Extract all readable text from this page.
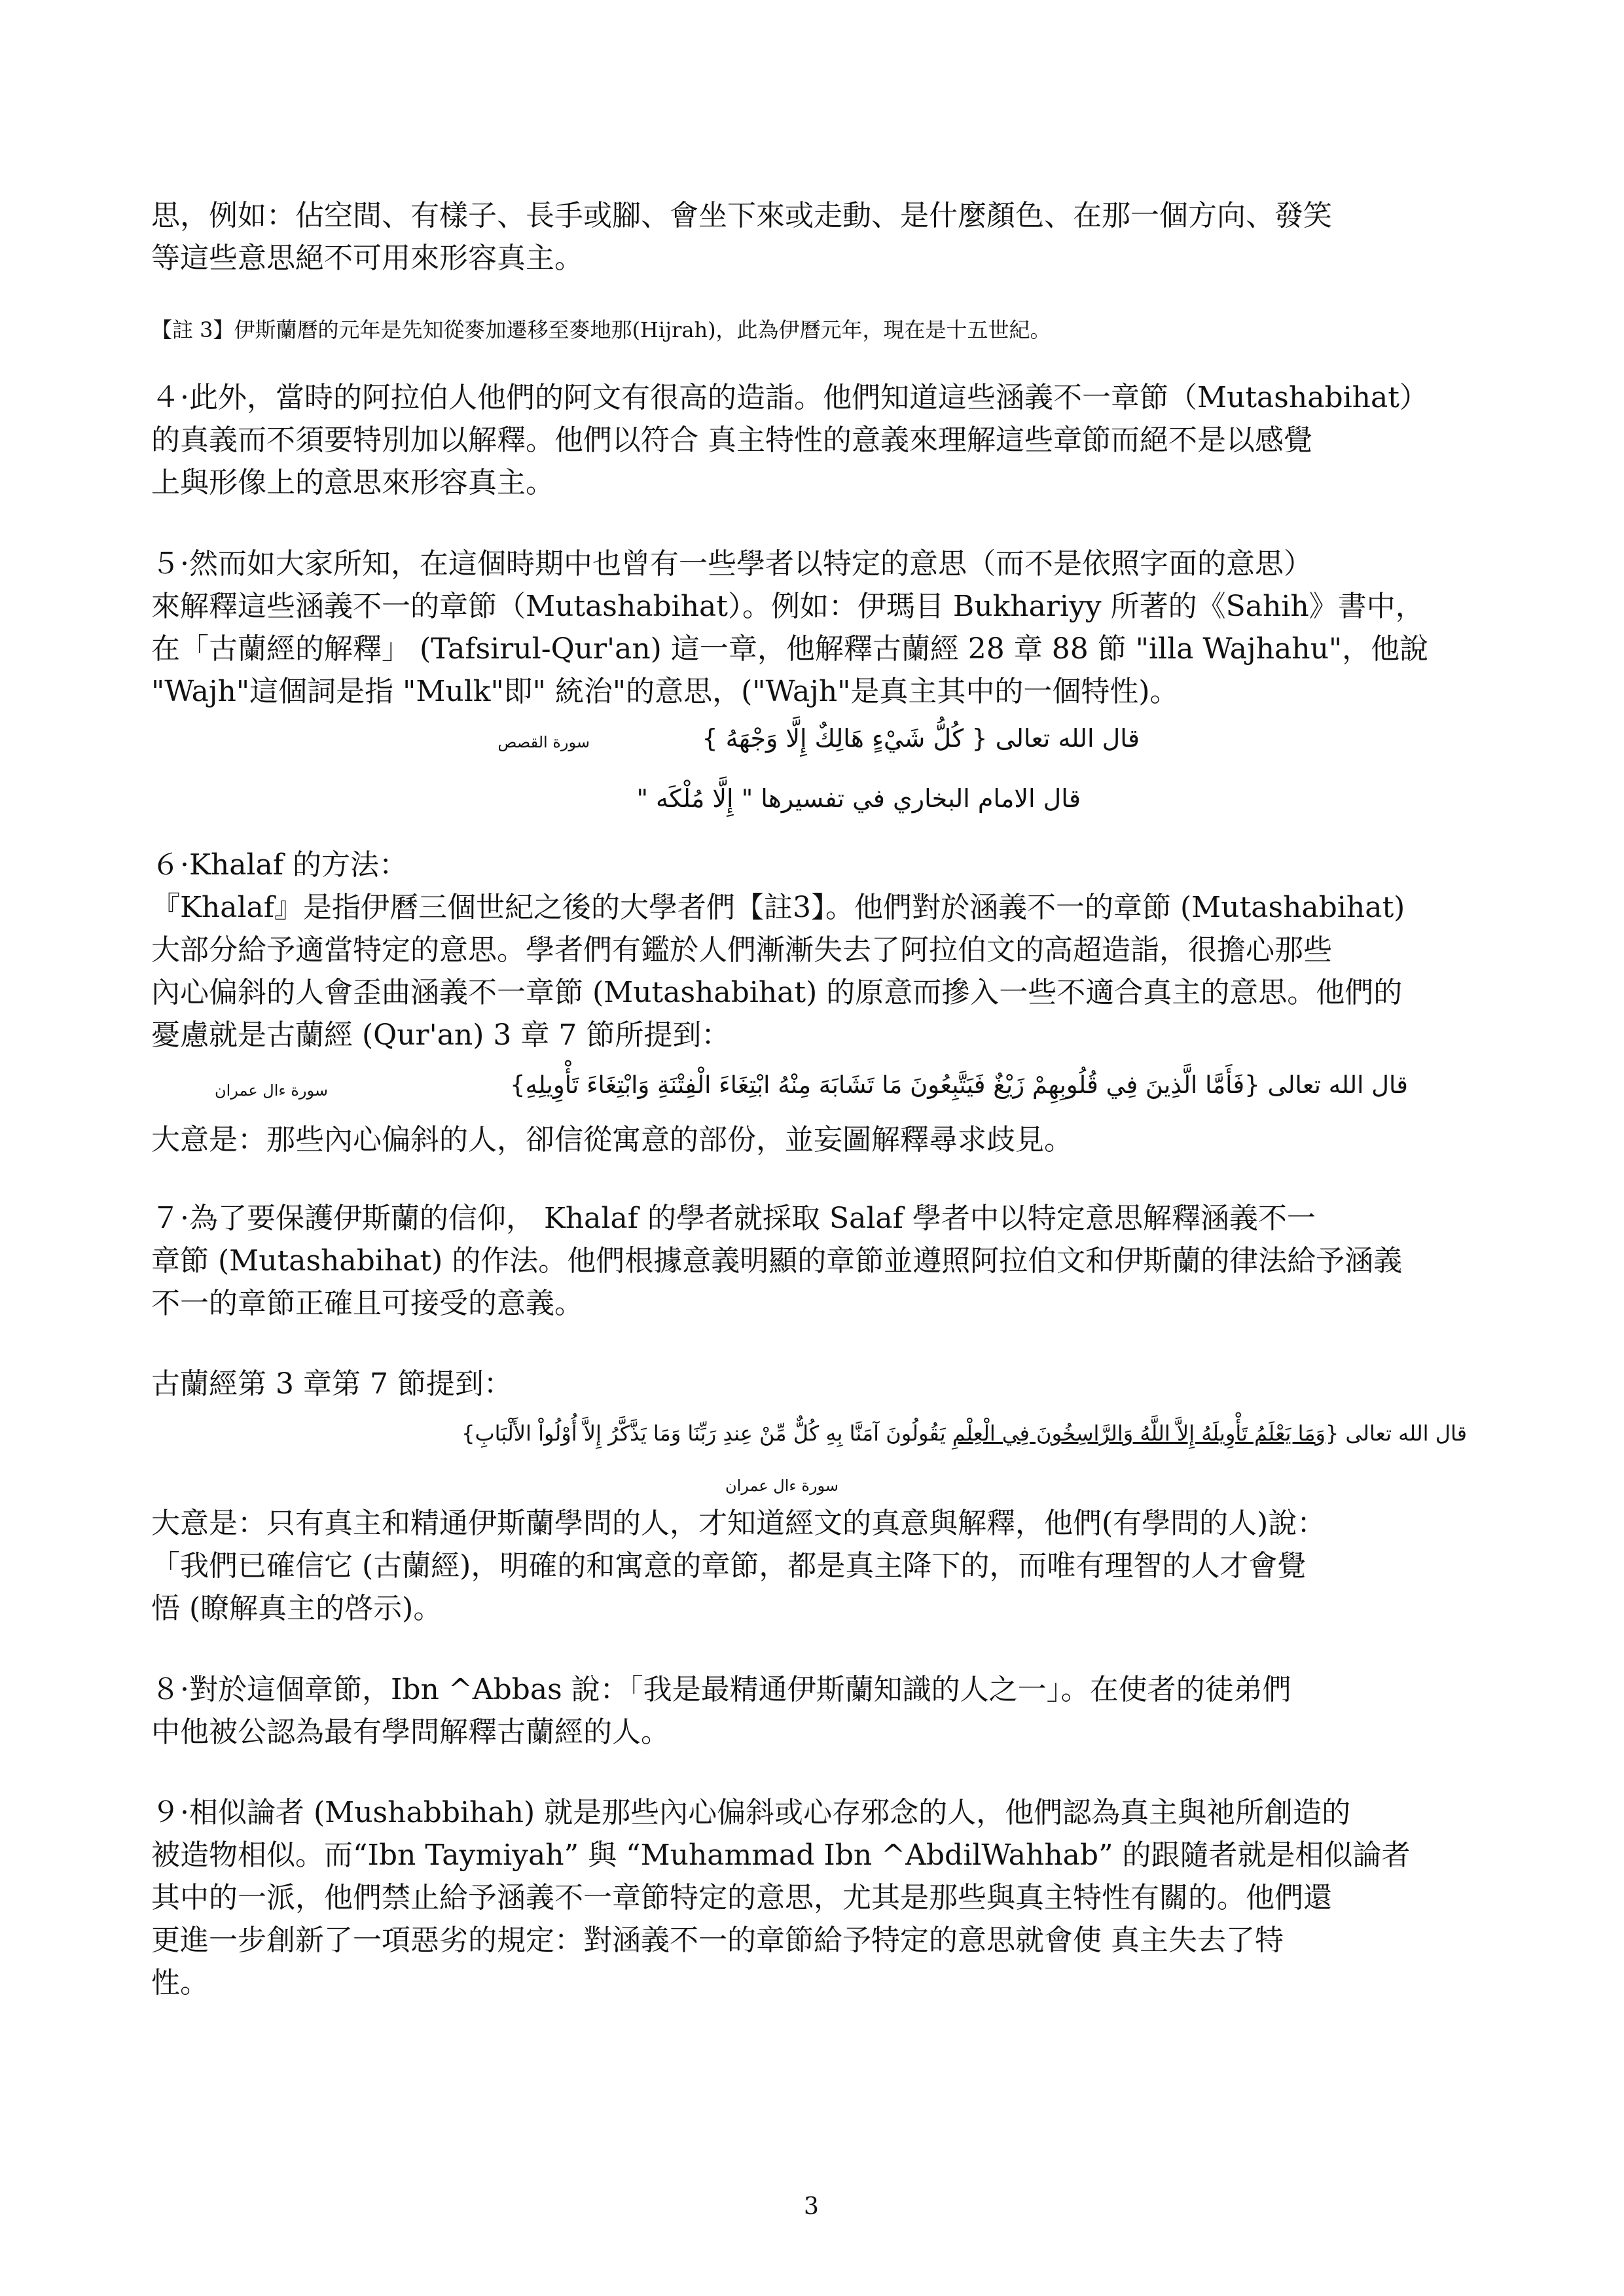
思，例如：佔空間、有樣子、長手或腳、會坐下來或走動、是什麼顏色、在那一個方向、發笑
等這些意思絕不可用來形容真主。
【註 3】伊斯蘭曆的元年是先知從麥加遷移至麥地那(Hijrah)，此為伊曆元年，現在是十五世紀。
４·此外，當時的阿拉伯人他們的阿文有很高的造詣。他們知道這些涵義不一章節（Mutashabihat）
的真義而不須要特別加以解釋。他們以符合 真主特性的意義來理解這些章節而絕不是以感覺
上與形像上的意思來形容真主。
５·然而如大家所知，在這個時期中也曾有一些學者以特定的意思（而不是依照字面的意思）
來解釋這些涵義不一的章節（Mutashabihat）。例如：伊瑪目 Bukhariyy 所著的《Sahih》書中，
在「古蘭經的解釋」 (Tafsirul-Qur'an) 這一章，他解釋古蘭經 28 章 88 節 "illa Wajhahu"，他說
"Wajh"這個詞是指 "Mulk"即" 統治"的意思，("Wajh"是真主其中的一個特性)。
قال الله تعالى { كُلُّ شَيْءٍ هَالِكٌ إِلَّا وَجْهَهُ }
سورة القصص
قال الامام البخاري في تفسيرها " إِلَّا مُلْكَه "
６·Khalaf 的方法：
『Khalaf』是指伊曆三個世紀之後的大學者們【註3】。他們對於涵義不一的章節 (Mutashabihat)
大部分給予適當特定的意思。學者們有鑑於人們漸漸失去了阿拉伯文的高超造詣，很擔心那些
內心偏斜的人會歪曲涵義不一章節 (Mutashabihat) 的原意而摻入一些不適合真主的意思。他們的
憂慮就是古蘭經 (Qur'an) 3 章 7 節所提到：
قال الله تعالى {فَأَمَّا الَّذِينَ فِي قُلُوبِهِمْ زَيْغٌ فَيَتَّبِعُونَ مَا تَشَابَهَ مِنْهُ ابْتِغَاءَ الْفِتْنَةِ وَابْتِغَاءَ تَأْوِيلِهِ}
سورة ءال عمران
大意是：那些內心偏斜的人，卻信從寓意的部份，並妄圖解釋尋求歧見。
７·為了要保護伊斯蘭的信仰， Khalaf 的學者就採取 Salaf 學者中以特定意思解釋涵義不一
章節 (Mutashabihat) 的作法。他們根據意義明顯的章節並遵照阿拉伯文和伊斯蘭的律法給予涵義
不一的章節正確且可接受的意義。
古蘭經第 3 章第 7 節提到：
قال الله تعالى {وَمَا يَعْلَمُ تَأْوِيلَهُ إِلاَّ اللَّهُ وَالرَّاسِخُونَ فِي الْعِلْمِ يَقُولُونَ آمَنَّا بِهِ كُلٌّ مِّنْ عِندِ رَبِّنَا وَمَا يَذَّكَّرُ إِلاَّ أُوْلُواْ الأَلْبَابِ}
سورة ءال عمران
大意是：只有真主和精通伊斯蘭學問的人，才知道經文的真意與解釋，他們(有學問的人)說：
「我們已確信它 (古蘭經)，明確的和寓意的章節，都是真主降下的，而唯有理智的人才會覺
悟 (瞭解真主的啓示)。
８·對於這個章節，Ibn ^Abbas 說：「我是最精通伊斯蘭知識的人之一」。在使者的徒弟們
中他被公認為最有學問解釋古蘭經的人。
９·相似論者 (Mushabbihah) 就是那些內心偏斜或心存邪念的人，他們認為真主與祂所創造的
被造物相似。而“Ibn Taymiyah” 與 “Muhammad Ibn ^AbdilWahhab” 的跟隨者就是相似論者
其中的一派，他們禁止給予涵義不一章節特定的意思，尤其是那些與真主特性有關的。他們還
更進一步創新了一項惡劣的規定：對涵義不一的章節給予特定的意思就會使 真主失去了特
性。
3
